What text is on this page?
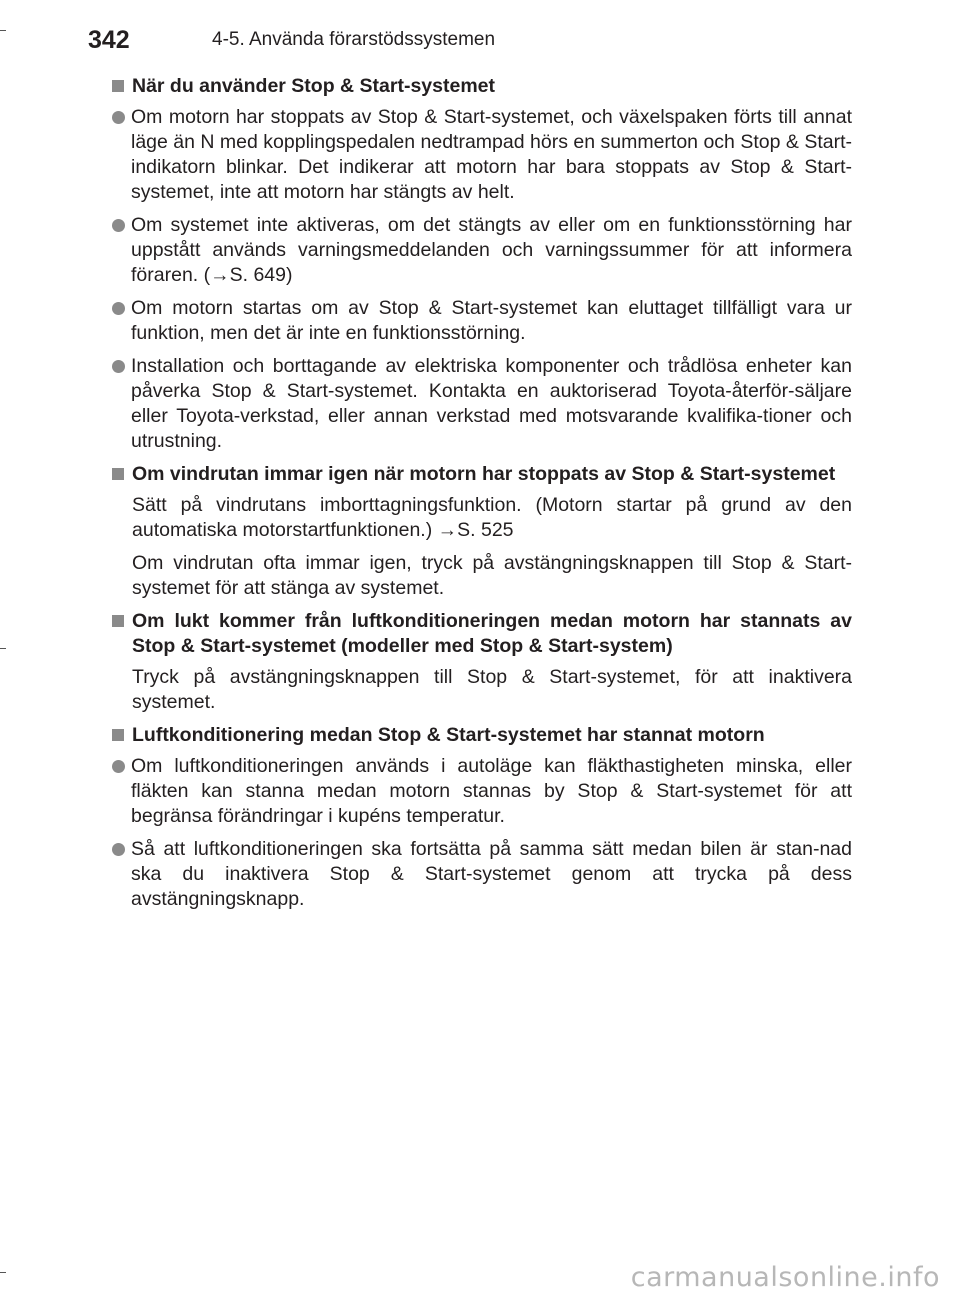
342	4-5. Använda förarstödssystemen
När du använder Stop & Start-systemet
Om motorn har stoppats av Stop & Start-systemet, och växelspaken förts till annat läge än N med kopplingspedalen nedtrampad hörs en summerton och Stop & Start-indikatorn blinkar. Det indikerar att motorn har bara stoppats av Stop & Start-systemet, inte att motorn har stängts av helt.
Om systemet inte aktiveras, om det stängts av eller om en funktionsstörning har uppstått används varningsmeddelanden och varningssummer för att informera föraren. (→S. 649)
Om motorn startas om av Stop & Start-systemet kan eluttaget tillfälligt vara ur funktion, men det är inte en funktionsstörning.
Installation och borttagande av elektriska komponenter och trådlösa enheter kan påverka Stop & Start-systemet. Kontakta en auktoriserad Toyota-återför-säljare eller Toyota-verkstad, eller annan verkstad med motsvarande kvalifika-tioner och utrustning.
Om vindrutan immar igen när motorn har stoppats av Stop & Start-systemet
Sätt på vindrutans imborttagningsfunktion. (Motorn startar på grund av den automatiska motorstartfunktionen.) →S. 525
Om vindrutan ofta immar igen, tryck på avstängningsknappen till Stop & Start-systemet för att stänga av systemet.
Om lukt kommer från luftkonditioneringen medan motorn har stannats av Stop & Start-systemet (modeller med Stop & Start-system)
Tryck på avstängningsknappen till Stop & Start-systemet, för att inaktivera systemet.
Luftkonditionering medan Stop & Start-systemet har stannat motorn
Om luftkonditioneringen används i autoläge kan fläkthastigheten minska, eller fläkten kan stanna medan motorn stannas by Stop & Start-systemet för att begränsa förändringar i kupéns temperatur.
Så att luftkonditioneringen ska fortsätta på samma sätt medan bilen är stan-nad ska du inaktivera Stop & Start-systemet genom att trycka på dess avstängningsknapp.
carmanualsonline.info
